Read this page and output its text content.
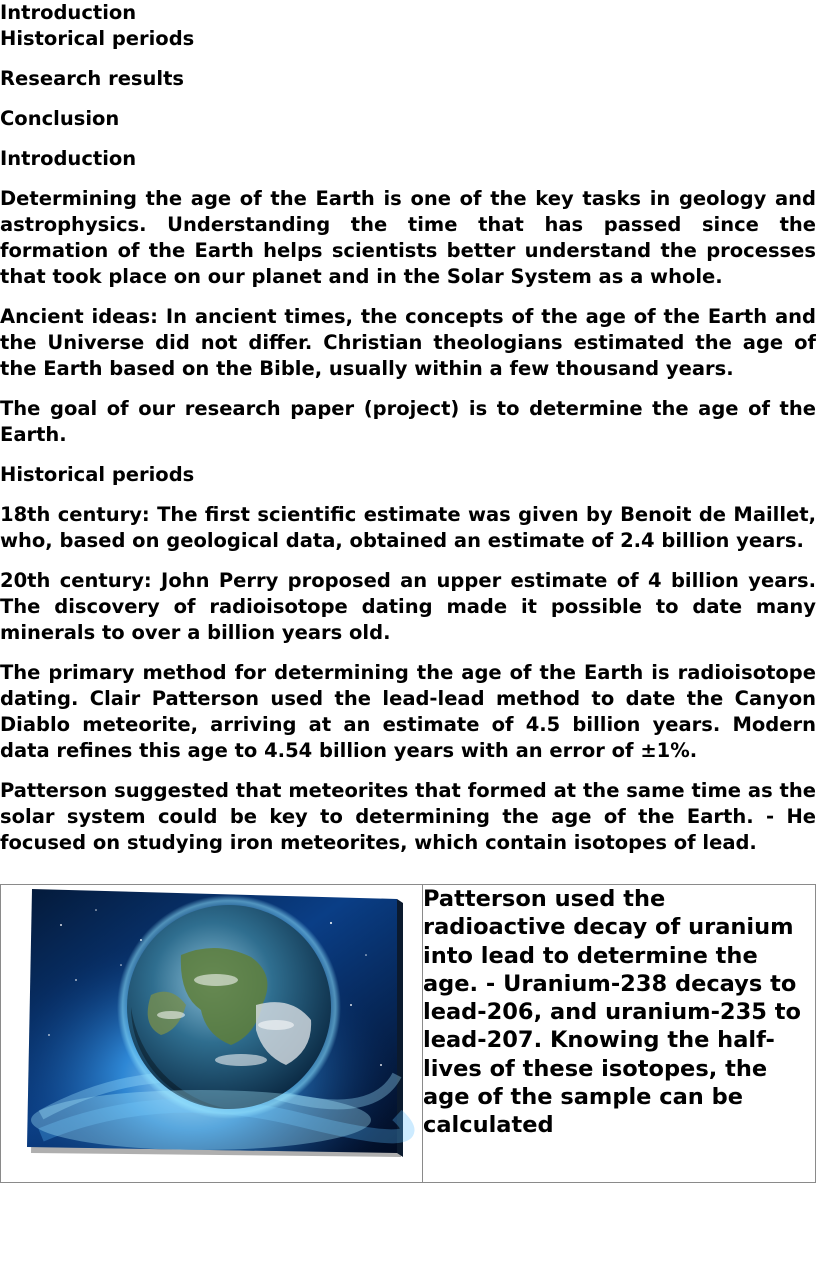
Introduction

Historical periods

Research results

Conclusion

Introduction

Determining the age of the Earth is one of the key tasks in geology and astrophysics. Understanding the time that has passed since the formation of the Earth helps scientists better understand the processes that took place on our planet and in the Solar System as a whole.

Ancient ideas: In ancient times, the concepts of the age of the Earth and the Universe did not differ. Christian theologians estimated the age of the Earth based on the Bible, usually within a few thousand years.

The goal of our research paper (project) is to determine the age of the Earth.

Historical periods

18th century: The first scientific estimate was given by Benoit de Maillet, who, based on geological data, obtained an estimate of 2.4 billion years.

20th century: John Perry proposed an upper estimate of 4 billion years. The discovery of radioisotope dating made it possible to date many minerals to over a billion years old.

The primary method for determining the age of the Earth is radioisotope dating. Clair Patterson used the lead-lead method to date the Canyon Diablo meteorite, arriving at an estimate of 4.5 billion years. Modern data refines this age to 4.54 billion years with an error of ±1%.

Patterson suggested that meteorites that formed at the same time as the solar system could be key to determining the age of the Earth. - He focused on studying iron meteorites, which contain isotopes of lead.

Patterson used the radioactive decay of uranium into lead to determine the age. - Uranium-238 decays to lead-206, and uranium-235 to lead-207. Knowing the half-lives of these isotopes, the age of the sample can be calculated
